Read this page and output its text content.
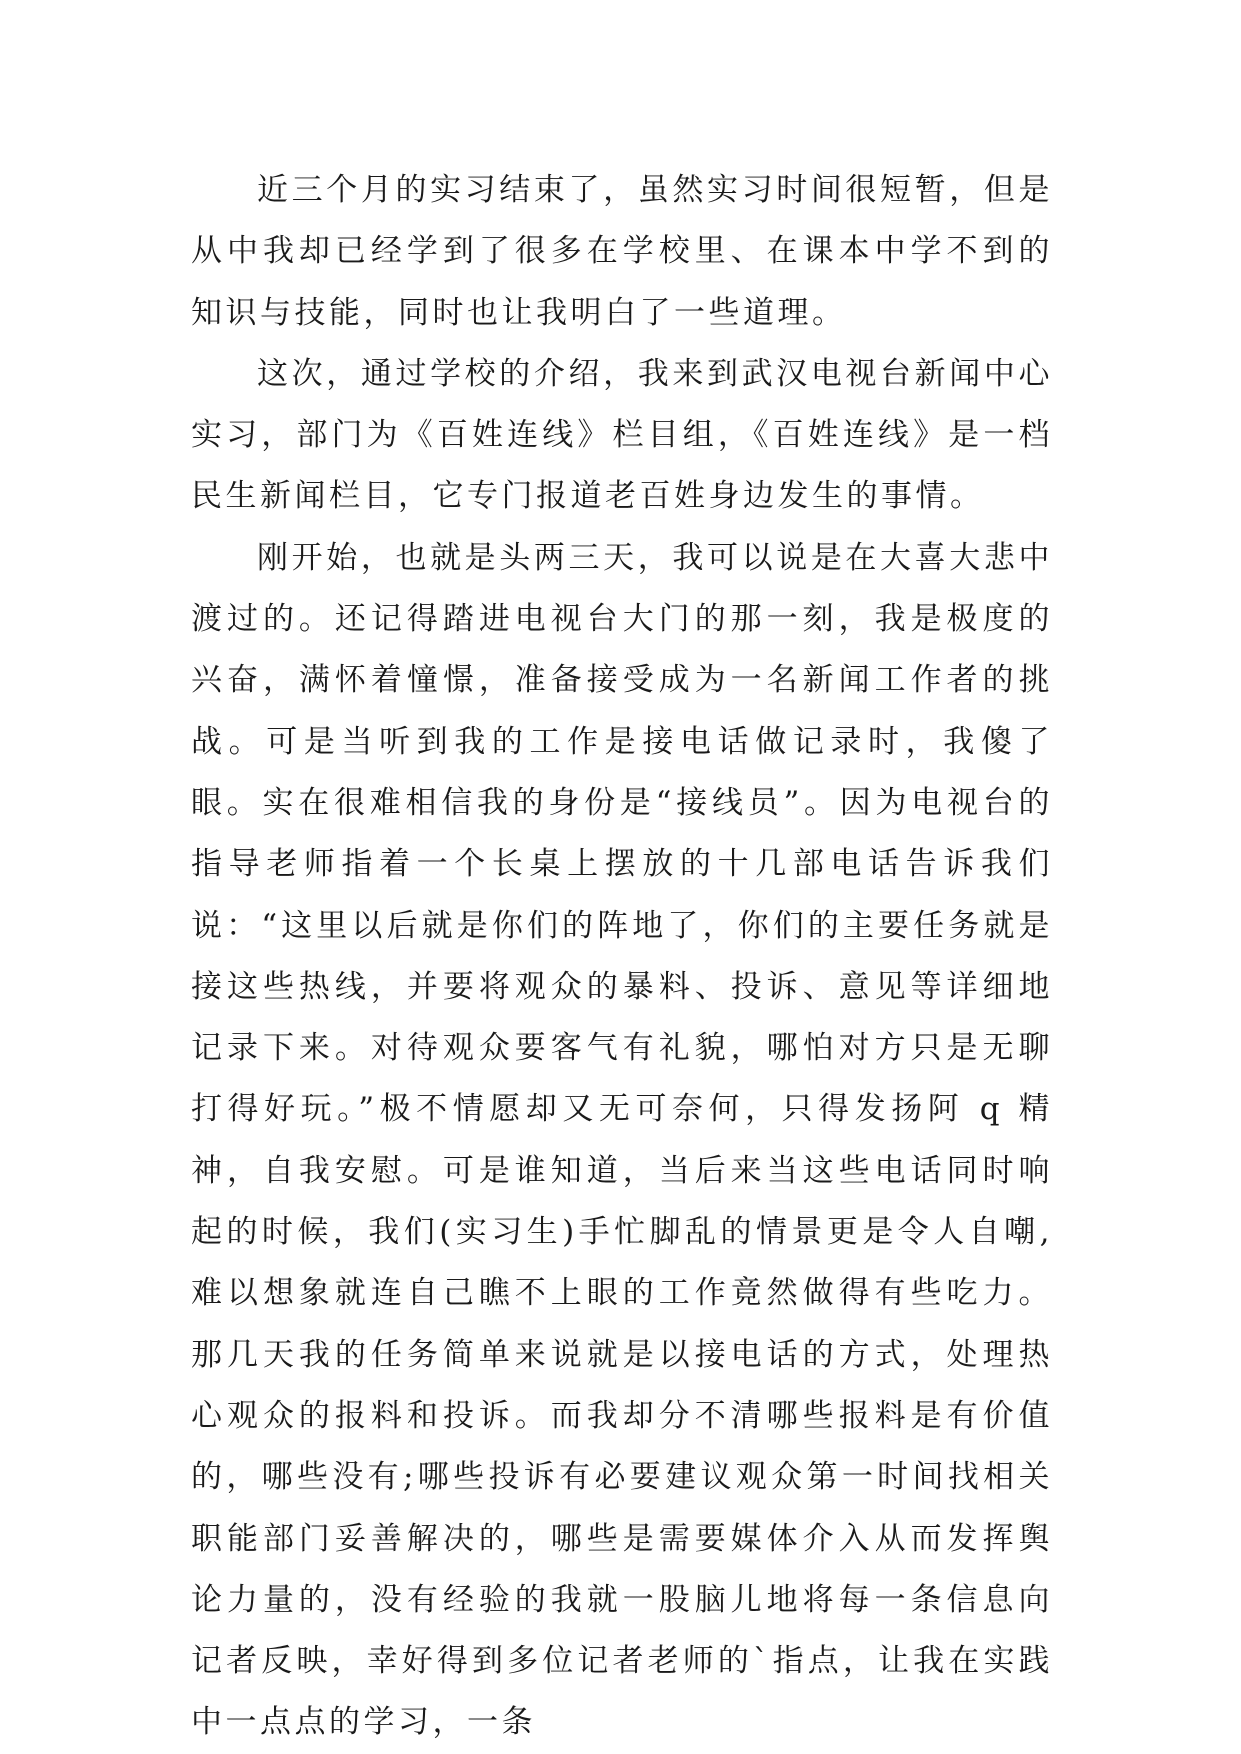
近三个月的实习结束了，虽然实习时间很短暂，但是从中我却已经学到了很多在学校里、在课本中学不到的知识与技能，同时也让我明白了一些道理。

这次，通过学校的介绍，我来到武汉电视台新闻中心实习，部门为《百姓连线》栏目组，《百姓连线》是一档民生新闻栏目，它专门报道老百姓身边发生的事情。

刚开始，也就是头两三天，我可以说是在大喜大悲中渡过的。还记得踏进电视台大门的那一刻，我是极度的兴奋，满怀着憧憬，准备接受成为一名新闻工作者的挑战。可是当听到我的工作是接电话做记录时，我傻了眼。实在很难相信我的身份是“接线员”。因为电视台的指导老师指着一个长桌上摆放的十几部电话告诉我们说：“这里以后就是你们的阵地了，你们的主要任务就是接这些热线，并要将观众的暴料、投诉、意见等详细地记录下来。对待观众要客气有礼貌，哪怕对方只是无聊打得好玩。”极不情愿却又无可奈何，只得发扬阿 q 精神，自我安慰。可是谁知道，当后来当这些电话同时响起的时候，我们(实习生)手忙脚乱的情景更是令人自嘲,难以想象就连自己瞧不上眼的工作竟然做得有些吃力。那几天我的任务简单来说就是以接电话的方式，处理热心观众的报料和投诉。而我却分不清哪些报料是有价值的，哪些没有;哪些投诉有必要建议观众第一时间找相关职能部门妥善解决的，哪些是需要媒体介入从而发挥舆论力量的，没有经验的我就一股脑儿地将每一条信息向记者反映，幸好得到多位记者老师的`指点，让我在实践中一点点的学习，一条
